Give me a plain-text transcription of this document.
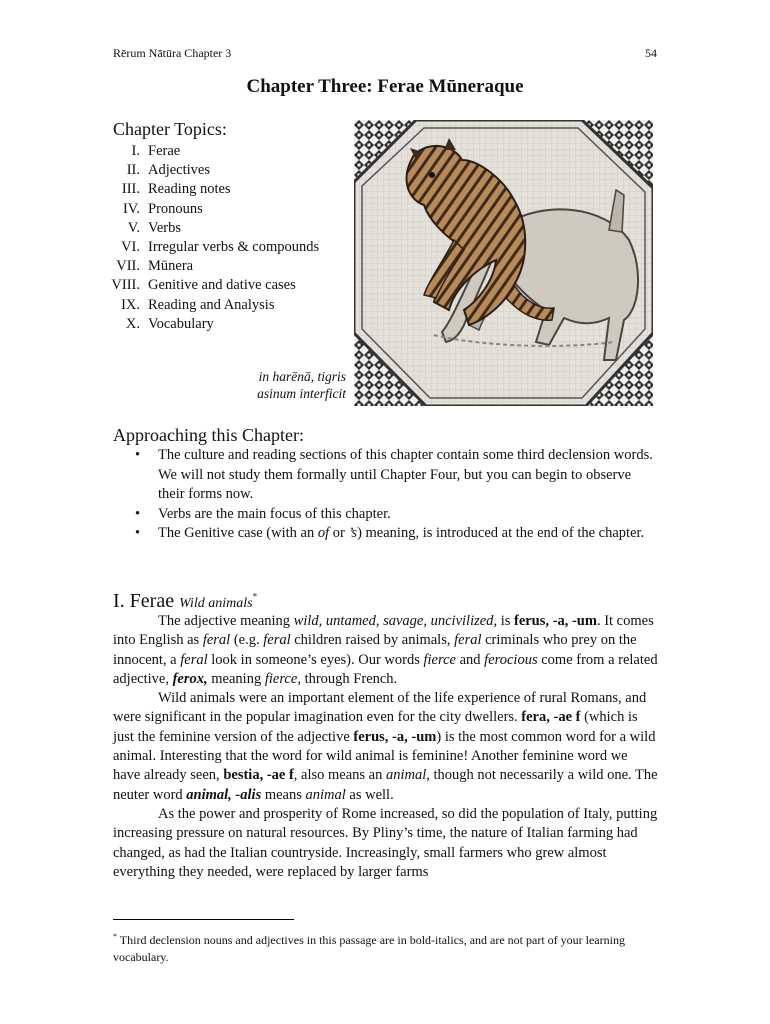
Rērum Nātūra Chapter 3	54
Chapter Three: Ferae Mūneraque
Chapter Topics:
I. Ferae
II. Adjectives
III. Reading notes
IV. Pronouns
V. Verbs
VI. Irregular verbs & compounds
VII. Mūnera
VIII. Genitive and dative cases
IX. Reading and Analysis
X. Vocabulary
in harēnā, tigris
asinum interficit
Approaching this Chapter:
• The culture and reading sections of this chapter contain some third declension words. We will not study them formally until Chapter Four, but you can begin to observe their forms now.
• Verbs are the main focus of this chapter.
• The Genitive case (with an of or ’s) meaning, is introduced at the end of the chapter.
I. Ferae Wild animals*

The adjective meaning wild, untamed, savage, uncivilized, is ferus, -a, -um. It comes into English as feral (e.g. feral children raised by animals, feral criminals who prey on the innocent, a feral look in someone’s eyes). Our words fierce and ferocious come from a related adjective, ferox, meaning fierce, through French.

Wild animals were an important element of the life experience of rural Romans, and were significant in the popular imagination even for the city dwellers. fera, -ae f (which is just the feminine version of the adjective ferus, -a, -um) is the most common word for a wild animal. Interesting that the word for wild animal is feminine! Another feminine word we have already seen, bestia, -ae f, also means an animal, though not necessarily a wild one. The neuter word animal, -alis means animal as well.

As the power and prosperity of Rome increased, so did the population of Italy, putting increasing pressure on natural resources. By Pliny’s time, the nature of Italian farming had changed, as had the Italian countryside. Increasingly, small farmers who grew almost everything they needed, were replaced by larger farms

* Third declension nouns and adjectives in this passage are in bold-italics, and are not part of your learning vocabulary.
